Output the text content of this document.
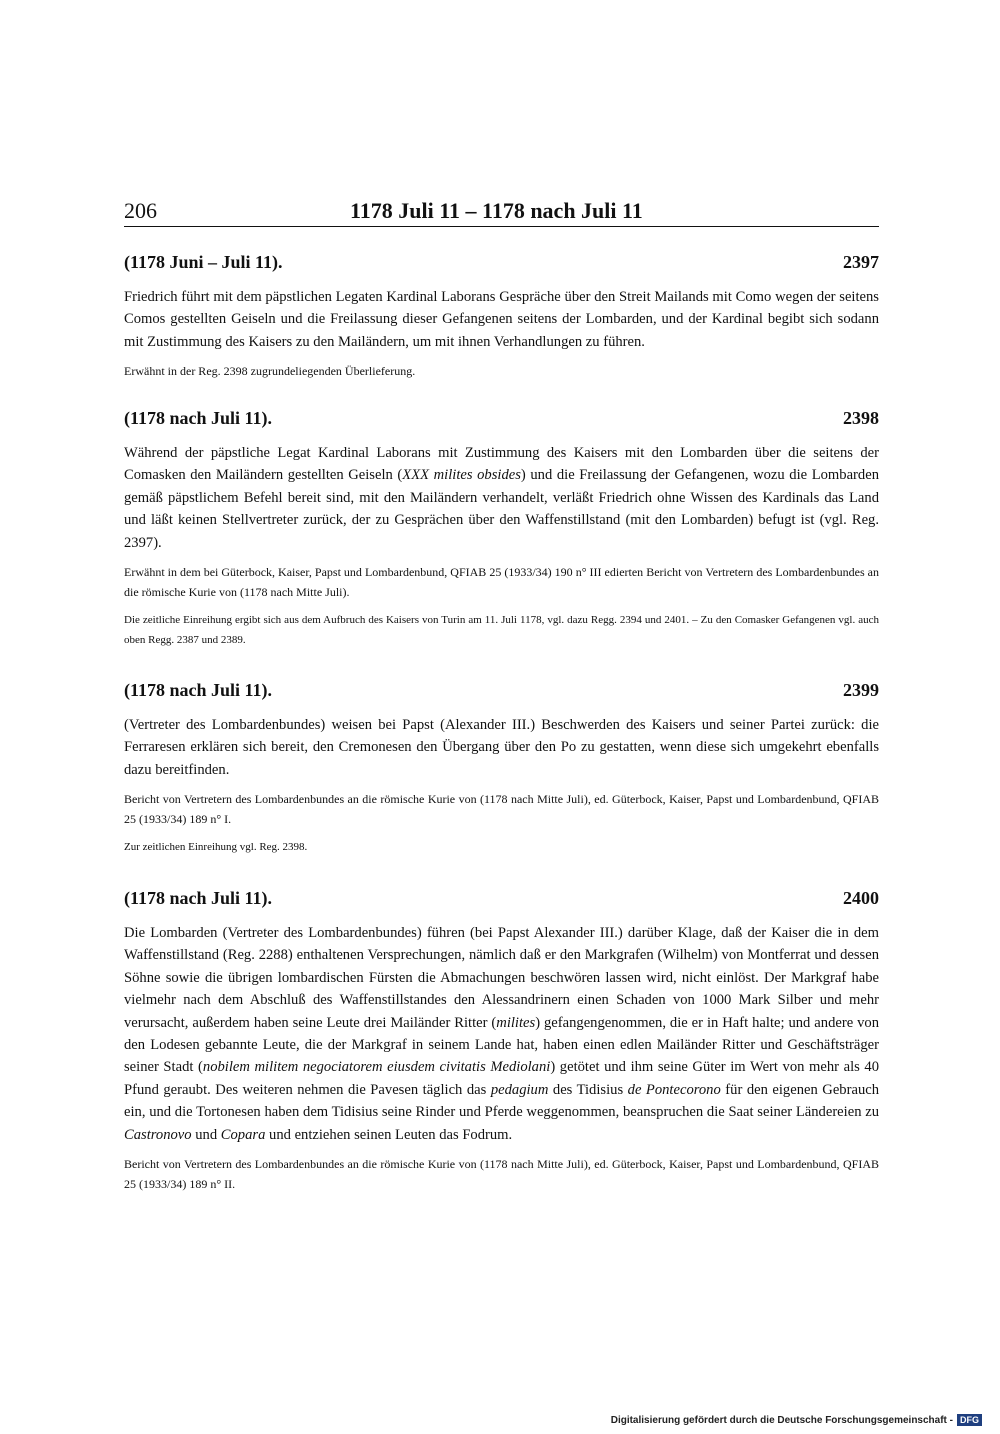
206	1178 Juli 11 – 1178 nach Juli 11
(1178 Juni – Juli 11).	2397

Friedrich führt mit dem päpstlichen Legaten Kardinal Laborans Gespräche über den Streit Mailands mit Como wegen der seitens Comos gestellten Geiseln und die Freilassung dieser Gefangenen seitens der Lombarden, und der Kardinal begibt sich sodann mit Zustimmung des Kaisers zu den Mailändern, um mit ihnen Verhandlungen zu führen.

Erwähnt in der Reg. 2398 zugrundeliegenden Überlieferung.

(1178 nach Juli 11).	2398

Während der päpstliche Legat Kardinal Laborans mit Zustimmung des Kaisers mit den Lombarden über die seitens der Comasken den Mailändern gestellten Geiseln (XXX milites obsides) und die Freilassung der Gefangenen, wozu die Lombarden gemäß päpstlichem Befehl bereit sind, mit den Mailändern verhandelt, verläßt Friedrich ohne Wissen des Kardinals das Land und läßt keinen Stellvertreter zurück, der zu Gesprächen über den Waffenstillstand (mit den Lombarden) befugt ist (vgl. Reg. 2397).

Erwähnt in dem bei Güterbock, Kaiser, Papst und Lombardenbund, QFIAB 25 (1933/34) 190 n° III edierten Bericht von Vertretern des Lombardenbundes an die römische Kurie von (1178 nach Mitte Juli).

Die zeitliche Einreihung ergibt sich aus dem Aufbruch des Kaisers von Turin am 11. Juli 1178, vgl. dazu Regg. 2394 und 2401. – Zu den Comasker Gefangenen vgl. auch oben Regg. 2387 und 2389.

(1178 nach Juli 11).	2399

(Vertreter des Lombardenbundes) weisen bei Papst (Alexander III.) Beschwerden des Kaisers und seiner Partei zurück: die Ferraresen erklären sich bereit, den Cremonesen den Übergang über den Po zu gestatten, wenn diese sich umgekehrt ebenfalls dazu bereitfinden.

Bericht von Vertretern des Lombardenbundes an die römische Kurie von (1178 nach Mitte Juli), ed. Güterbock, Kaiser, Papst und Lombardenbund, QFIAB 25 (1933/34) 189 n° I.

Zur zeitlichen Einreihung vgl. Reg. 2398.

(1178 nach Juli 11).	2400

Die Lombarden (Vertreter des Lombardenbundes) führen (bei Papst Alexander III.) darüber Klage, daß der Kaiser die in dem Waffenstillstand (Reg. 2288) enthaltenen Versprechungen, nämlich daß er den Markgrafen (Wilhelm) von Montferrat und dessen Söhne sowie die übrigen lombardischen Fürsten die Abmachungen beschwören lassen wird, nicht einlöst. Der Markgraf habe vielmehr nach dem Abschluß des Waffenstillstandes den Alessandrinern einen Schaden von 1000 Mark Silber und mehr verursacht, außerdem haben seine Leute drei Mailänder Ritter (milites) gefangengenommen, die er in Haft halte; und andere von den Lodesen gebannte Leute, die der Markgraf in seinem Lande hat, haben einen edlen Mailänder Ritter und Geschäftsträger seiner Stadt (nobilem militem negociatorem eiusdem civitatis Mediolani) getötet und ihm seine Güter im Wert von mehr als 40 Pfund geraubt. Des weiteren nehmen die Pavesen täglich das pedagium des Tidisius de Pontecorono für den eigenen Gebrauch ein, und die Tortonesen haben dem Tidisius seine Rinder und Pferde weggenommen, beanspruchen die Saat seiner Ländereien zu Castronovo und Copara und entziehen seinen Leuten das Fodrum.

Bericht von Vertretern des Lombardenbundes an die römische Kurie von (1178 nach Mitte Juli), ed. Güterbock, Kaiser, Papst und Lombardenbund, QFIAB 25 (1933/34) 189 n° II.

Digitalisierung gefördert durch die Deutsche Forschungsgemeinschaft - DFG
